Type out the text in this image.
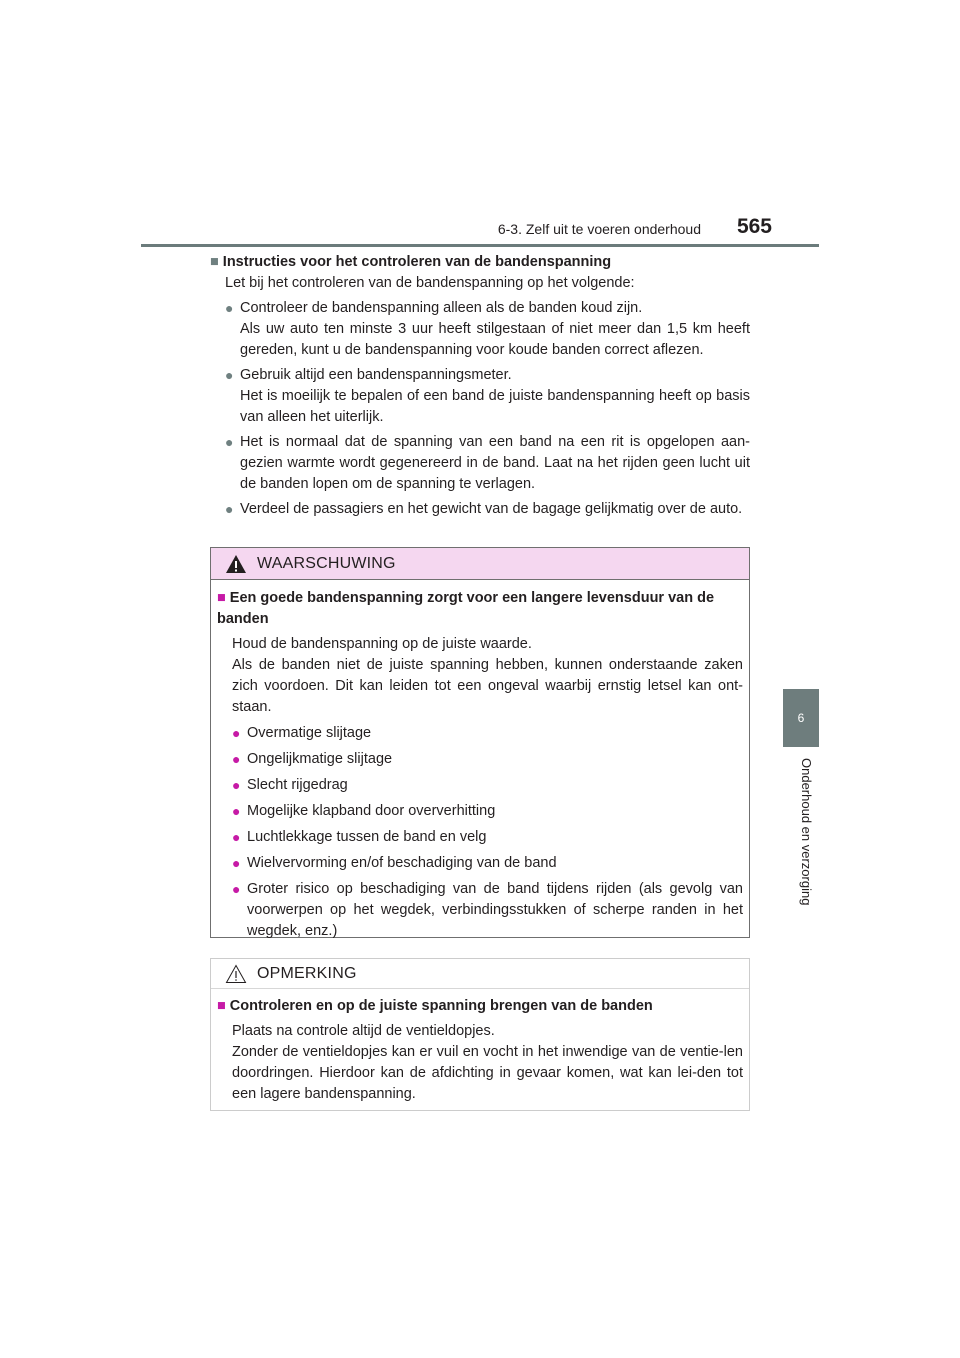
6-3. Zelf uit te voeren onderhoud	565
6
Onderhoud en verzorging
■ Instructies voor het controleren van de bandenspanning
Let bij het controleren van de bandenspanning op het volgende:
● Controleer de bandenspanning alleen als de banden koud zijn.
Als uw auto ten minste 3 uur heeft stilgestaan of niet meer dan 1,5 km heeft gereden, kunt u de bandenspanning voor koude banden correct aflezen.
● Gebruik altijd een bandenspanningsmeter.
Het is moeilijk te bepalen of een band de juiste bandenspanning heeft op basis van alleen het uiterlijk.
● Het is normaal dat de spanning van een band na een rit is opgelopen aan-gezien warmte wordt gegenereerd in de band. Laat na het rijden geen lucht uit de banden lopen om de spanning te verlagen.
● Verdeel de passagiers en het gewicht van de bagage gelijkmatig over de auto.
WAARSCHUWING
■ Een goede bandenspanning zorgt voor een langere levensduur van de banden
Houd de bandenspanning op de juiste waarde.
Als de banden niet de juiste spanning hebben, kunnen onderstaande zaken zich voordoen. Dit kan leiden tot een ongeval waarbij ernstig letsel kan ont-staan.
● Overmatige slijtage
● Ongelijkmatige slijtage
● Slecht rijgedrag
● Mogelijke klapband door oververhitting
● Luchtlekkage tussen de band en velg
● Wielvervorming en/of beschadiging van de band
● Groter risico op beschadiging van de band tijdens rijden (als gevolg van voorwerpen op het wegdek, verbindingsstukken of scherpe randen in het wegdek, enz.)
OPMERKING
■ Controleren en op de juiste spanning brengen van de banden
Plaats na controle altijd de ventieldopjes.
Zonder de ventieldopjes kan er vuil en vocht in het inwendige van de ventie-len doordringen. Hierdoor kan de afdichting in gevaar komen, wat kan lei-den tot een lagere bandenspanning.
